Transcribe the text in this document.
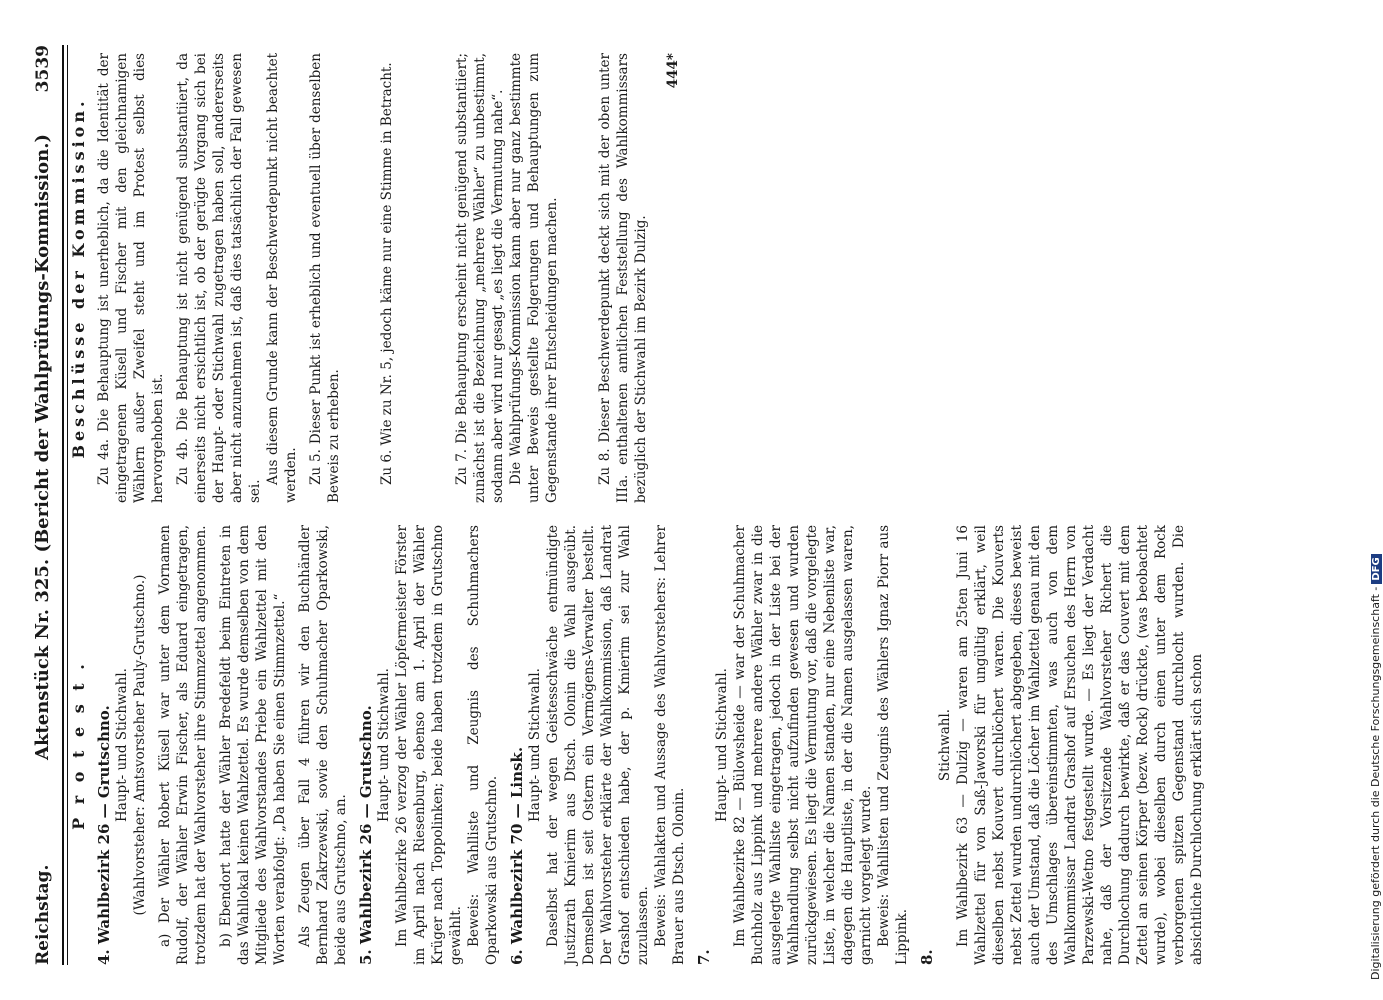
Reichstag.
Aktenstück Nr. 325. (Bericht der Wahlprüfungs-Kommission.)
3539
P r o t e s t . 4. Wahlbezirk 26 — Grutschno. Haupt- und Stichwahl. (Wahlvorsteher: Amtsvorsteher Pauly-Grutschno.) a) Der Wähler Robert Küsell war unter dem Vornamen Rudolf, der Wähler Erwin Fischer, als Eduard eingetragen, trotzdem hat der Wahlvorsteher ihre Stimmzettel angenommen. b) Ebendort hatte der Wähler Bredefeldt beim Eintreten in das Wahllokal keinen Wahlzettel. Es wurde demselben von dem Mitgliede des Wahlvorstandes Priebe ein Wahlzettel mit den Worten verabfolgt: „Da haben Sie einen Stimmzettel.“ Als Zeugen über Fall 4 führen wir den Buchhändler Bernhard Zakrzewski, sowie den Schuhmacher Oparkowski, beide aus Grutschno, an. 5. Wahlbezirk 26 — Grutschno. Haupt- und Stichwahl. Im Wahlbezirke 26 verzog der Wähler Löpfermeister Förster im April nach Riesenburg, ebenso am 1. April der Wähler Krüger nach Toppolinken; beide haben trotzdem in Grutschno gewählt. Beweis: Wahlliste und Zeugnis des Schuhmachers Oparkowski aus Grutschno. 6. Wahlbezirk 70 — Linsk.
Haupt- und Stichwahl. Daselbst hat der wegen Geistesschwäche entmündigte Justizrath Kmierim aus Dtsch. Olonin die Wahl ausgeübt. Demselben ist seit Ostern ein Vermögens-Verwalter bestellt. Der Wahlvorsteher erklärte der Wahlkommission, daß Landrat Grashof entschieden habe, der p. Kmierim sei zur Wahl zuzulassen. Beweis: Wahlakten und Aussage des Wahlvorstehers: Lehrer Brauer aus Dtsch. Olonin. 7.
Haupt- und Stichwahl. Im Wahlbezirke 82 — Bülowsheide — war der Schuhmacher Buchholz aus Lippink und mehrere andere Wähler zwar in die ausgelegte Wahlliste eingetragen, jedoch in der Liste bei der Wahlhandlung selbst nicht aufzufinden gewesen und wurden zurückgewiesen. Es liegt die Vermutung vor, daß die vorgelegte Liste, in welcher die Namen standen, nur eine Nebenliste war, dagegen die Hauptliste, in der die Namen ausgelassen waren, garnicht vorgelegt wurde. Beweis: Wahllisten und Zeugnis des Wählers Ignaz Piorr aus Lippink. 8.
Stichwahl. Im Wahlbezirk 63 — Dulzig — waren am 25ten Juni 16 Wahlzettel für von Saß-Jaworski für ungültig erklärt, weil dieselben nebst Kouvert durchlöchert waren. Die Kouverts nebst Zettel wurden undurchlöchert abgegeben, dieses beweist auch der Umstand, daß die Löcher im Wahlzettel genau mit den des Umschlages übereinstimmten, was auch von dem Wahlkommissar Landrat Grashof auf Ersuchen des Herrn von Parzewski-Wetno festgestellt wurde. — Es liegt der Verdacht nahe, daß der Vorsitzende Wahlvorsteher Richert die Durchlochung dadurch bewirkte, daß er das Couvert mit dem Zettel an seinen Körper (bezw. Rock) drückte, (was beobachtet wurde), wobei dieselben durch einen unter dem Rock verborgenen spitzen Gegenstand durchlocht wurden. Die absichtliche Durchlochung erklärt sich schon
Beschlüsse der Kommission. Zu 4a. Die Behauptung ist unerheblich, da die Identität der eingetragenen Küsell und Fischer mit den gleichnamigen Wählern außer Zweifel steht und im Protest selbst dies hervorgehoben ist. Zu 4b. Die Behauptung ist nicht genügend substantiiert, da einerseits nicht ersichtlich ist, ob der gerügte Vorgang sich bei der Haupt- oder Stichwahl zugetragen haben soll, andererseits aber nicht anzunehmen ist, daß dies tatsächlich der Fall gewesen sei.
Aus diesem Grunde kann der Beschwerdepunkt nicht beachtet werden. Zu 5. Dieser Punkt ist erheblich und eventuell über denselben Beweis zu erheben.	Zu 6. Wie zu Nr. 5, jedoch käme nur eine Stimme in Betracht.	Zu 7. Die Behauptung erscheint nicht genügend substantiiert; zunächst ist die Bezeichnung „mehrere Wähler“ zu unbestimmt, sodann aber wird nur gesagt „es liegt die Vermutung nahe“. Die Wahlprüfungs-Kommission kann aber nur ganz bestimmte unter Beweis gestellte Folgerungen und Behauptungen zum Gegenstande ihrer Entscheidungen machen.	Zu 8. Dieser Beschwerdepunkt deckt sich mit der oben unter IIIa. enthaltenen amtlichen Feststellung des Wahlkommissars bezüglich der Stichwahl im Bezirk Dulzig.
444*
Digitalisierung gefördert durch die Deutsche Forschungsgemeinschaft -DFG
